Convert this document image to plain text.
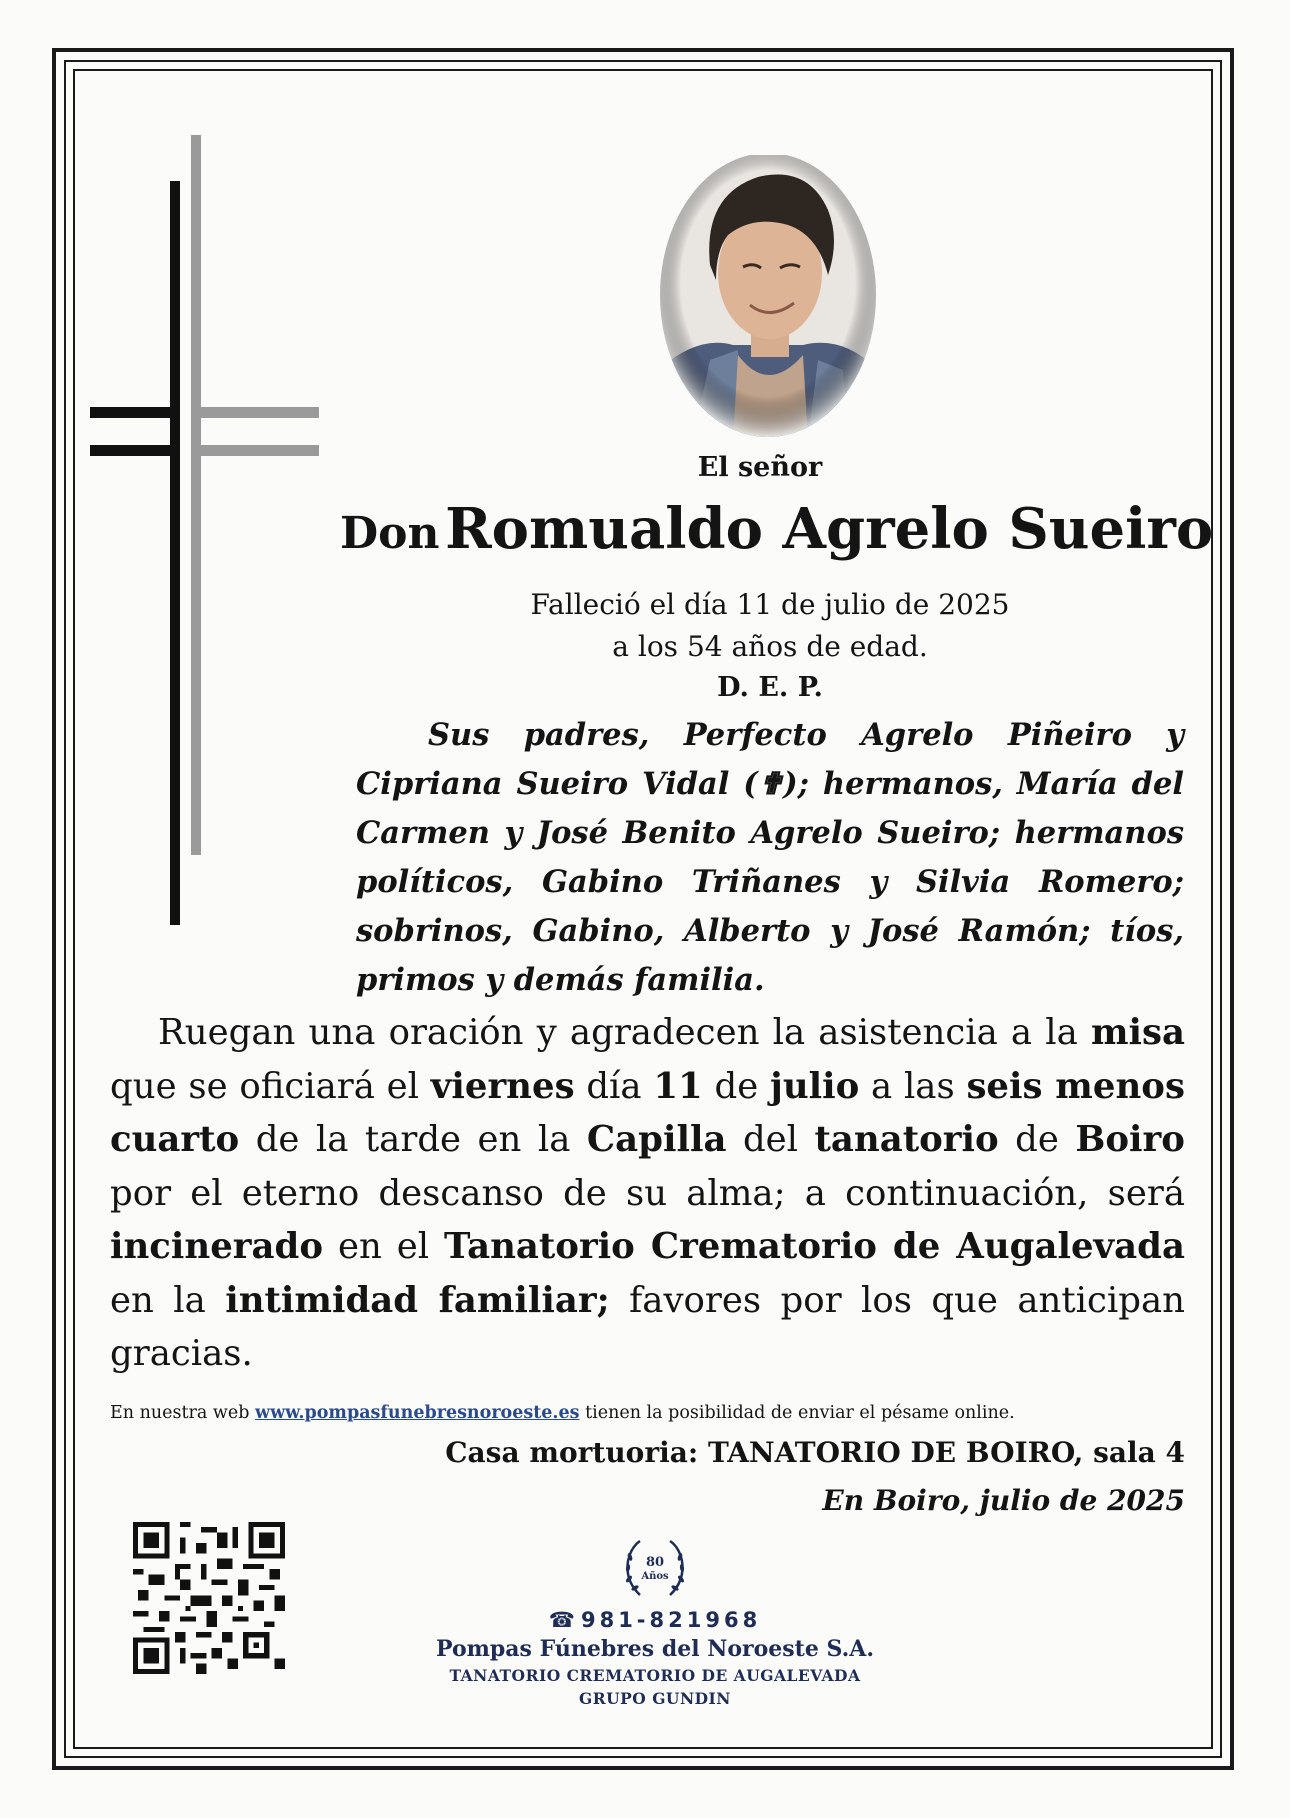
El señor
Don Romualdo Agrelo Sueiro
Falleció el día 11 de julio de 2025
a los 54 años de edad.
D. E. P.
Sus padres, Perfecto Agrelo Piñeiro y Cipriana Sueiro Vidal (✟); hermanos, María del Carmen y José Benito Agrelo Sueiro; hermanos políticos, Gabino Triñanes y Silvia Romero; sobrinos, Gabino, Alberto y José Ramón; tíos, primos y demás familia.
Ruegan una oración y agradecen la asistencia a la misa que se oficiará el viernes día 11 de julio a las seis menos cuarto de la tarde en la Capilla del tanatorio de Boiro por el eterno descanso de su alma; a continuación, será incinerado en el Tanatorio Crematorio de Augalevada en la intimidad familiar; favores por los que anticipan gracias.
En nuestra web www.pompasfunebresnoroeste.es tienen la posibilidad de enviar el pésame online.
Casa mortuoria: TANATORIO DE BOIRO, sala 4
En Boiro, julio de 2025
80
Años
☎ 981-821968
Pompas Fúnebres del Noroeste S.A.
TANATORIO CREMATORIO DE AUGALEVADA
GRUPO GUNDIN
